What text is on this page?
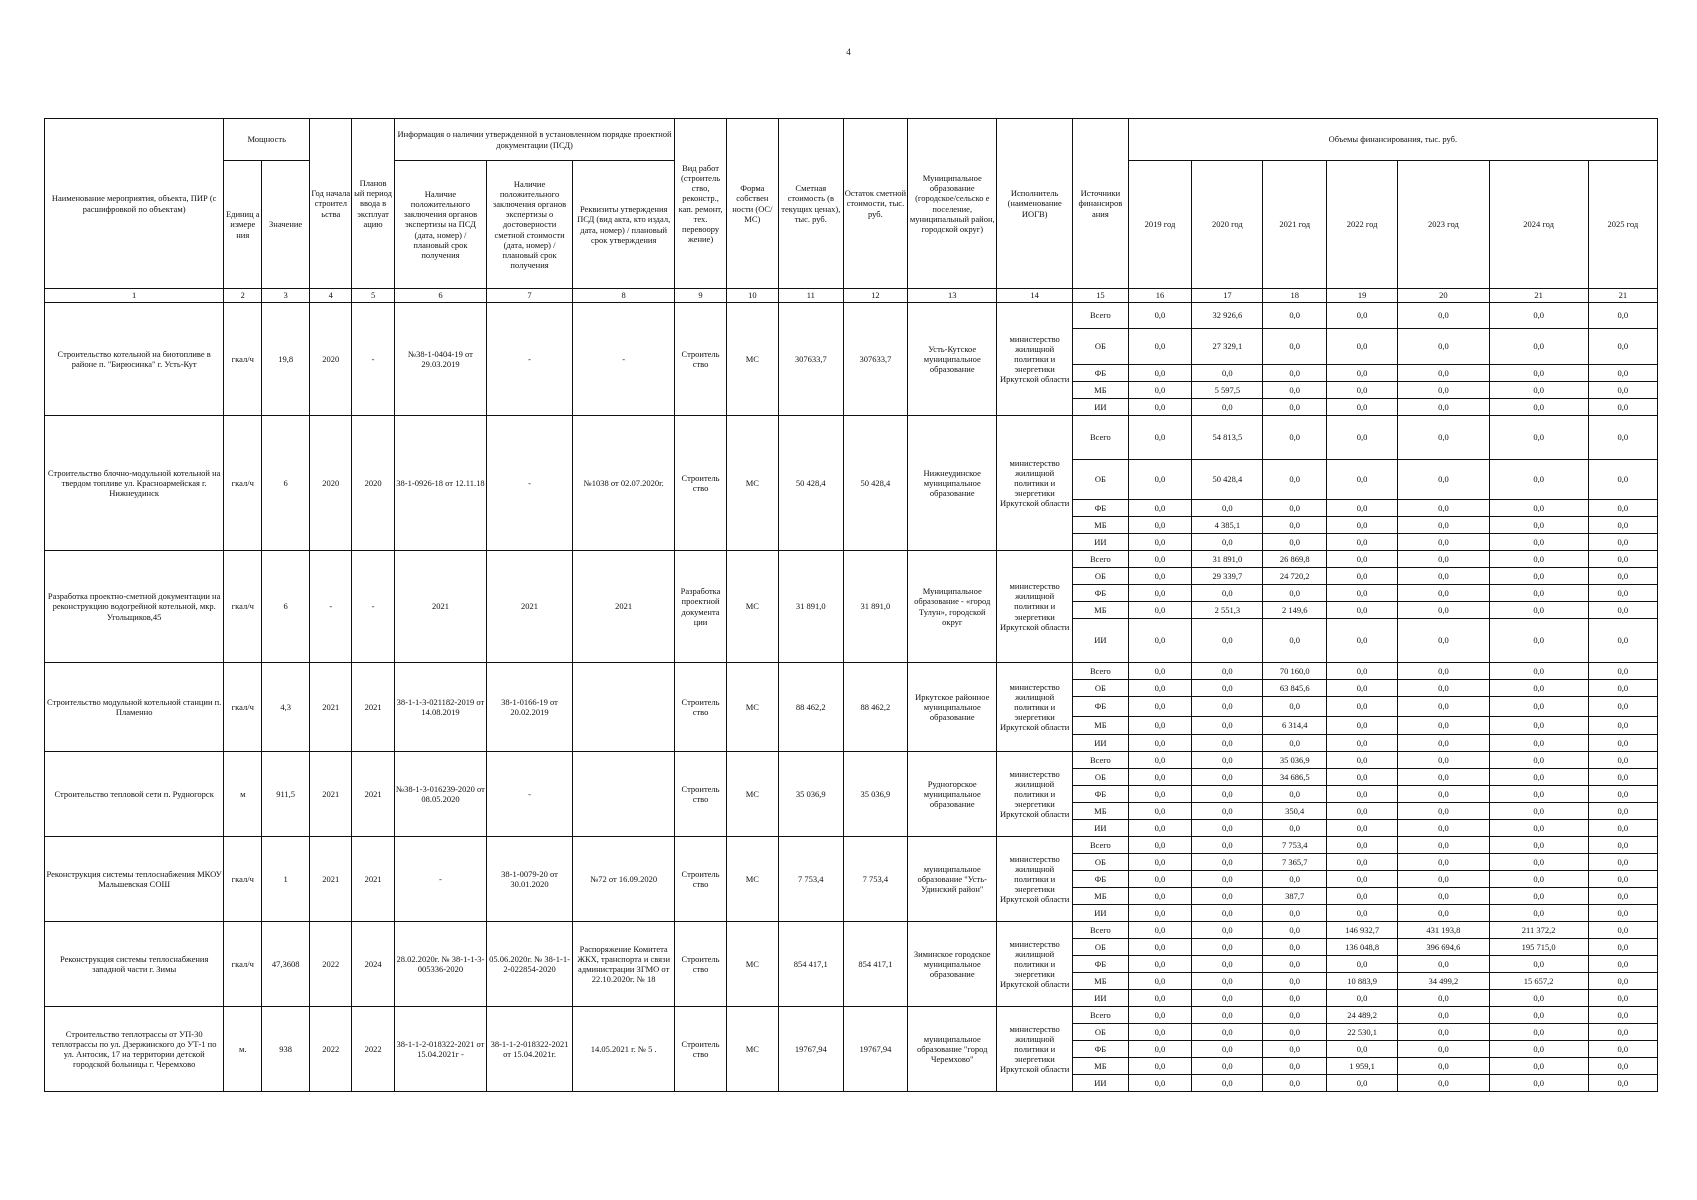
4
Наименование мероприятия, объекта, ПИР (с расшифровкой по объектам)	Мощность		Год начала строител ьства	Планов ый период ввода в эксплуат ацию	Информация о наличии утвержденной в установленном порядке проектной документации (ПСД)			Вид работ (строитель ство, реконстр., кап. ремонт, тех. перевоору жение)	Форма собствен ности (ОС/МС)	Сметная стоимость (в текущих ценах), тыс. руб.	Остаток сметной стоимости, тыс. руб.	Муниципальное образование (городское/сельско е поселение, муниципальный район, городской округ)	Исполнитель (наименование ИОГВ)	Источники финансиров ания	Объемы финансирования, тыс. руб.						
	Единиц а измере ния	Значение			Наличие положительного заключения органов экспертизы на ПСД (дата, номер) / плановый срок получения	Наличие положительного заключения органов экспертизы о достоверности сметной стоимости (дата, номер) / плановый срок получения	Реквизиты утверждения ПСД (вид акта, кто издал, дата, номер) / плановый срок утверждения								2019 год	2020 год	2021 год	2022 год	2023 год	2024 год	2025 год
1	2	3	4	5	6	7	8	9	10	11	12	13	14	15	16	17	18	19	20	21	21
Строительство котельной на биотопливе в районе п. "Бирюсинка" г. Усть-Кут	гкал/ч	19,8	2020	-	№38-1-0404-19 от 29.03.2019	-	-	Строитель ство	МС	307633,7	307633,7	Усть-Кутское муниципальное образование	министерство жилищной политики и энергетики Иркутской области	Всего	0,0	32 926,6	0,0	0,0	0,0	0,0	0,0
														ОБ	0,0	27 329,1	0,0	0,0	0,0	0,0	0,0
														ФБ	0,0	0,0	0,0	0,0	0,0	0,0	0,0
														МБ	0,0	5 597,5	0,0	0,0	0,0	0,0	0,0
														ИИ	0,0	0,0	0,0	0,0	0,0	0,0	0,0
Строительство блочно-модульной котельной на твердом топливе ул. Красноармейская г. Нижнеудинск	гкал/ч	6	2020	2020	38-1-0926-18 от 12.11.18	-	№1038 от 02.07.2020г.	Строитель ство	МС	50 428,4	50 428,4	Нижнеудинское муниципальное образование	министерство жилищной политики и энергетики Иркутской области	Всего	0,0	54 813,5	0,0	0,0	0,0	0,0	0,0
														ОБ	0,0	50 428,4	0,0	0,0	0,0	0,0	0,0
														ФБ	0,0	0,0	0,0	0,0	0,0	0,0	0,0
														МБ	0,0	4 385,1	0,0	0,0	0,0	0,0	0,0
														ИИ	0,0	0,0	0,0	0,0	0,0	0,0	0,0
Разработка проектно-сметной документации на реконструкцию водогрейной котельной, мкр. Угольщиков,45	гкал/ч	6	-	-	2021	2021	2021	Разработка проектной документа ции	МС	31 891,0	31 891,0	Муниципальное образование - «город Тулун», городской округ	министерство жилищной политики и энергетики Иркутской области	Всего	0,0	31 891,0	26 869,8	0,0	0,0	0,0	0,0
														ОБ	0,0	29 339,7	24 720,2	0,0	0,0	0,0	0,0
														ФБ	0,0	0,0	0,0	0,0	0,0	0,0	0,0
														МБ	0,0	2 551,3	2 149,6	0,0	0,0	0,0	0,0
														ИИ	0,0	0,0	0,0	0,0	0,0	0,0	0,0
Строительство модульной котельной станции п. Пламенно	гкал/ч	4,3	2021	2021	38-1-1-3-021182-2019 от 14.08.2019	38-1-0166-19 от 20.02.2019		Строитель ство	МС	88 462,2	88 462,2	Иркутское районное муниципальное образование	министерство жилищной политики и энергетики Иркутской области	Всего	0,0	0,0	70 160,0	0,0	0,0	0,0	0,0
														ОБ	0,0	0,0	63 845,6	0,0	0,0	0,0	0,0
														ФБ	0,0	0,0	0,0	0,0	0,0	0,0	0,0
														МБ	0,0	0,0	6 314,4	0,0	0,0	0,0	0,0
														ИИ	0,0	0,0	0,0	0,0	0,0	0,0	0,0
Строительство тепловой сети п. Рудногорск	м	911,5	2021	2021	№38-1-3-016239-2020 от 08.05.2020	-		Строитель ство	МС	35 036,9	35 036,9	Рудногорское муниципальное образование	министерство жилищной политики и энергетики Иркутской области	Всего	0,0	0,0	35 036,9	0,0	0,0	0,0	0,0
														ОБ	0,0	0,0	34 686,5	0,0	0,0	0,0	0,0
														ФБ	0,0	0,0	0,0	0,0	0,0	0,0	0,0
														МБ	0,0	0,0	350,4	0,0	0,0	0,0	0,0
														ИИ	0,0	0,0	0,0	0,0	0,0	0,0	0,0
Реконструкция системы теплоснабжения МКОУ Мальшевская СОШ	гкал/ч	1	2021	2021	-	38-1-0079-20 от 30.01.2020	№72 от 16.09.2020	Строитель ство	МС	7 753,4	7 753,4	муниципальное образование "Усть-Удинский район"	министерство жилищной политики и энергетики Иркутской области	Всего	0,0	0,0	7 753,4	0,0	0,0	0,0	0,0
														ОБ	0,0	0,0	7 365,7	0,0	0,0	0,0	0,0
														ФБ	0,0	0,0	0,0	0,0	0,0	0,0	0,0
														МБ	0,0	0,0	387,7	0,0	0,0	0,0	0,0
														ИИ	0,0	0,0	0,0	0,0	0,0	0,0	0,0
Реконструкция системы теплоснабжения западной части г. Зимы	гкал/ч	47,3608	2022	2024	28.02.2020г. № 38-1-1-3-005336-2020	05.06.2020г. № 38-1-1-2-022854-2020	Распоряжение Комитета ЖКХ, транспорта и связи администрации ЗГМО от 22.10.2020г. № 18	Строитель ство	МС	854 417,1	854 417,1	Зиминское городское муниципальное образование	министерство жилищной политики и энергетики Иркутской области	Всего	0,0	0,0	0,0	146 932,7	431 193,8	211 372,2	0,0
														ОБ	0,0	0,0	0,0	136 048,8	396 694,6	195 715,0	0,0
														ФБ	0,0	0,0	0,0	0,0	0,0	0,0	0,0
														МБ	0,0	0,0	0,0	10 883,9	34 499,2	15 657,2	0,0
														ИИ	0,0	0,0	0,0	0,0	0,0	0,0	0,0
Строительство теплотрассы от УП-30 теплотрассы по ул. Дзержинского до УТ-1 по ул. Антосик, 17 на территории детской городской больницы г. Черемхово	м.	938	2022	2022	38-1-1-2-018322-2021 от 15.04.2021г -	38-1-1-2-018322-2021 от 15.04.2021г.	14.05.2021 г. № 5 .	Строитель ство	МС	19767,94	19767,94	муниципальное образование "город Черемхово"	министерство жилищной политики и энергетики Иркутской области	Всего	0,0	0,0	0,0	24 489,2	0,0	0,0	0,0
														ОБ	0,0	0,0	0,0	22 530,1	0,0	0,0	0,0
														ФБ	0,0	0,0	0,0	0,0	0,0	0,0	0,0
														МБ	0,0	0,0	0,0	1 959,1	0,0	0,0	0,0
														ИИ	0,0	0,0	0,0	0,0	0,0	0,0	0,0
